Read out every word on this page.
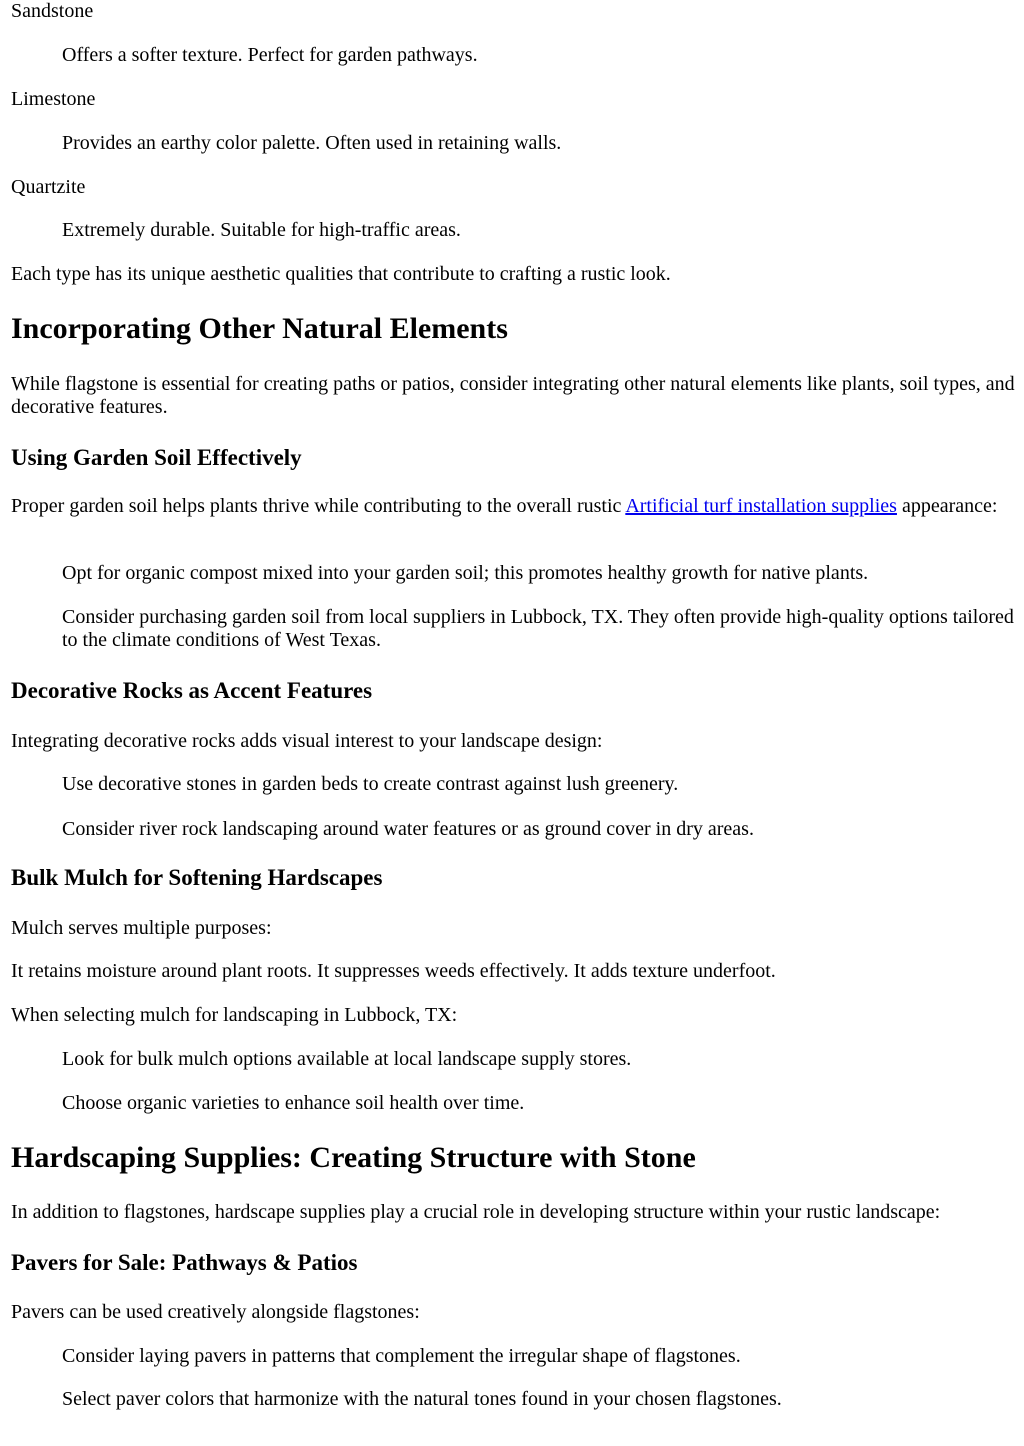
Sandstone
Offers a softer texture. Perfect for garden pathways.
Limestone
Provides an earthy color palette. Often used in retaining walls.
Quartzite
Extremely durable. Suitable for high-traffic areas.
Each type has its unique aesthetic qualities that contribute to crafting a rustic look.
Incorporating Other Natural Elements

While flagstone is essential for creating paths or patios, consider integrating other natural elements like plants, soil types, and decorative features.

Using Garden Soil Effectively

Proper garden soil helps plants thrive while contributing to the overall rustic Artificial turf installation supplies appearance:

Opt for organic compost mixed into your garden soil; this promotes healthy growth for native plants.
Consider purchasing garden soil from local suppliers in Lubbock, TX. They often provide high-quality options tailored to the climate conditions of West Texas.
Decorative Rocks as Accent Features

Integrating decorative rocks adds visual interest to your landscape design:

Use decorative stones in garden beds to create contrast against lush greenery.
Consider river rock landscaping around water features or as ground cover in dry areas.
Bulk Mulch for Softening Hardscapes

Mulch serves multiple purposes:

It retains moisture around plant roots. It suppresses weeds effectively. It adds texture underfoot.

When selecting mulch for landscaping in Lubbock, TX:

Look for bulk mulch options available at local landscape supply stores.
Choose organic varieties to enhance soil health over time.
Hardscaping Supplies: Creating Structure with Stone

In addition to flagstones, hardscape supplies play a crucial role in developing structure within your rustic landscape:

Pavers for Sale: Pathways & Patios

Pavers can be used creatively alongside flagstones:

Consider laying pavers in patterns that complement the irregular shape of flagstones.
Select paver colors that harmonize with the natural tones found in your chosen flagstones.
